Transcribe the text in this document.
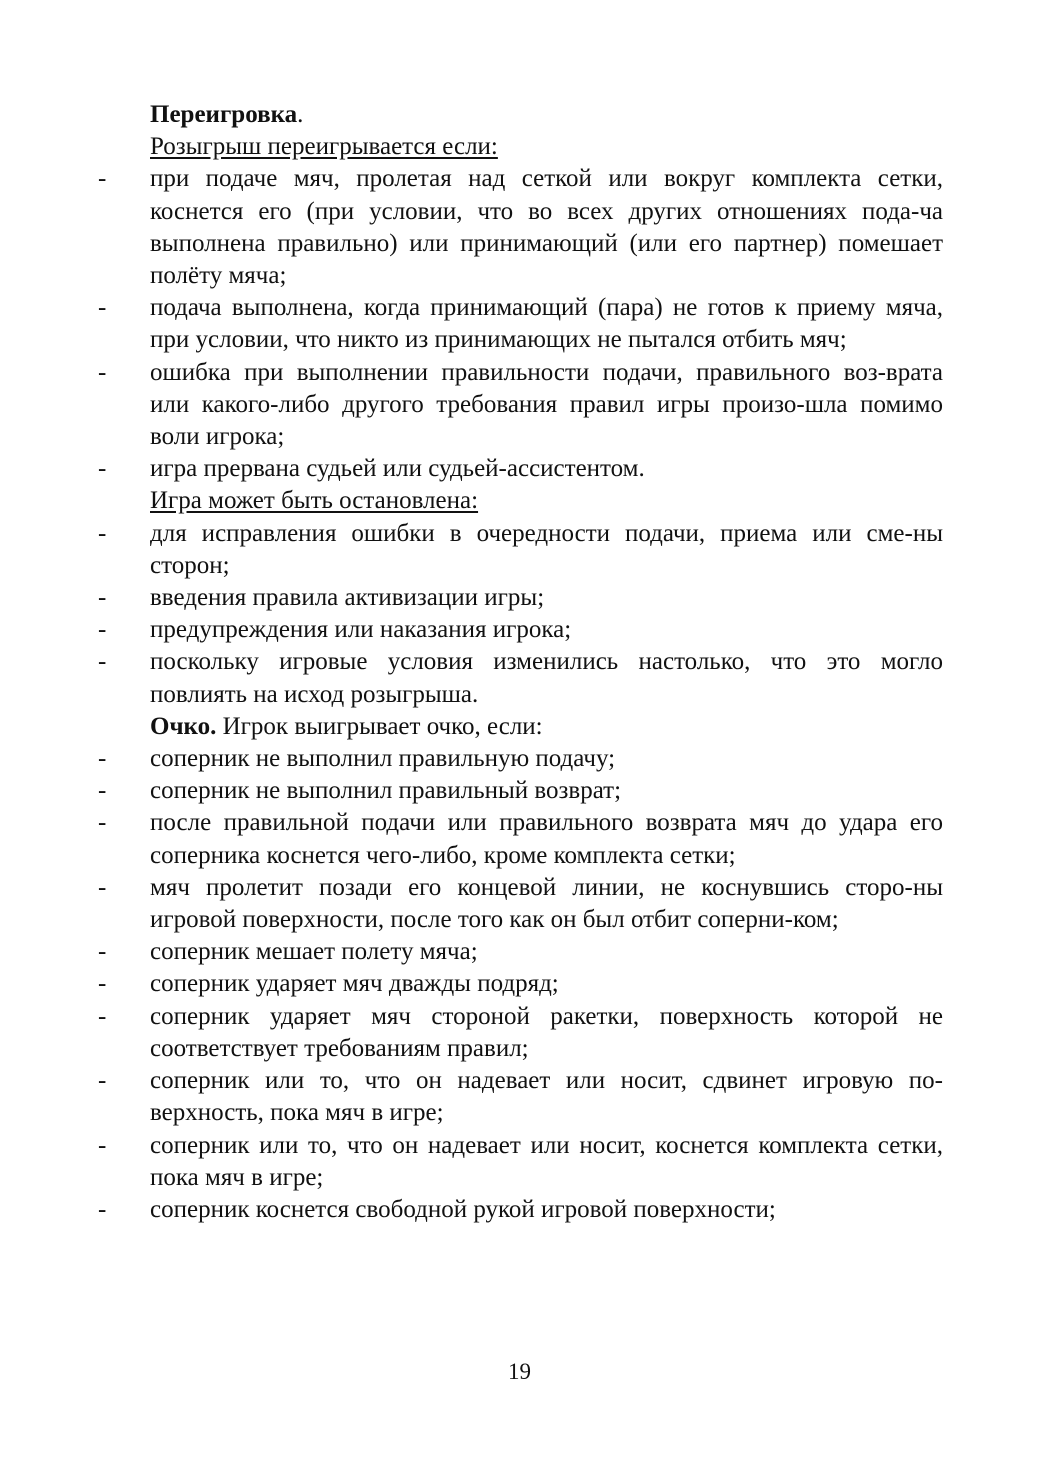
Переигровка.
Розыгрыш переигрывается если:
-	при подаче мяч, пролетая над сеткой или вокруг комплекта сетки, коснется его (при условии, что во всех других отношениях пода-ча выполнена правильно) или принимающий (или его партнер) помешает полёту мяча;
-	подача выполнена, когда принимающий (пара) не готов к приему мяча, при условии, что никто из принимающих не пытался отбить мяч;
-	ошибка при выполнении правильности подачи, правильного воз-врата или какого-либо другого требования правил игры произо-шла помимо воли игрока;
-	игра прервана судьей или судьей-ассистентом.
Игра может быть остановлена:
-	для исправления ошибки в очередности подачи, приема или сме-ны сторон;
-	введения правила активизации игры;
-	предупреждения или наказания игрока;
-	поскольку игровые условия изменились настолько, что это могло повлиять на исход розыгрыша.
Очко. Игрок выигрывает очко, если:
-	соперник не выполнил правильную подачу;
-	соперник не выполнил правильный возврат;
-	после правильной подачи или правильного возврата мяч до удара его соперника коснется чего-либо, кроме комплекта сетки;
-	мяч пролетит позади его концевой линии, не коснувшись сторо-ны игровой поверхности, после того как он был отбит соперни-ком;
-	соперник мешает полету мяча;
-	соперник ударяет мяч дважды подряд;
-	соперник ударяет мяч стороной ракетки, поверхность которой не соответствует требованиям правил;
-	соперник или то, что он надевает или носит, сдвинет игровую по-верхность, пока мяч в игре;
-	соперник или то, что он надевает или носит, коснется комплекта сетки, пока мяч в игре;
-	соперник коснется свободной рукой игровой поверхности;
19
